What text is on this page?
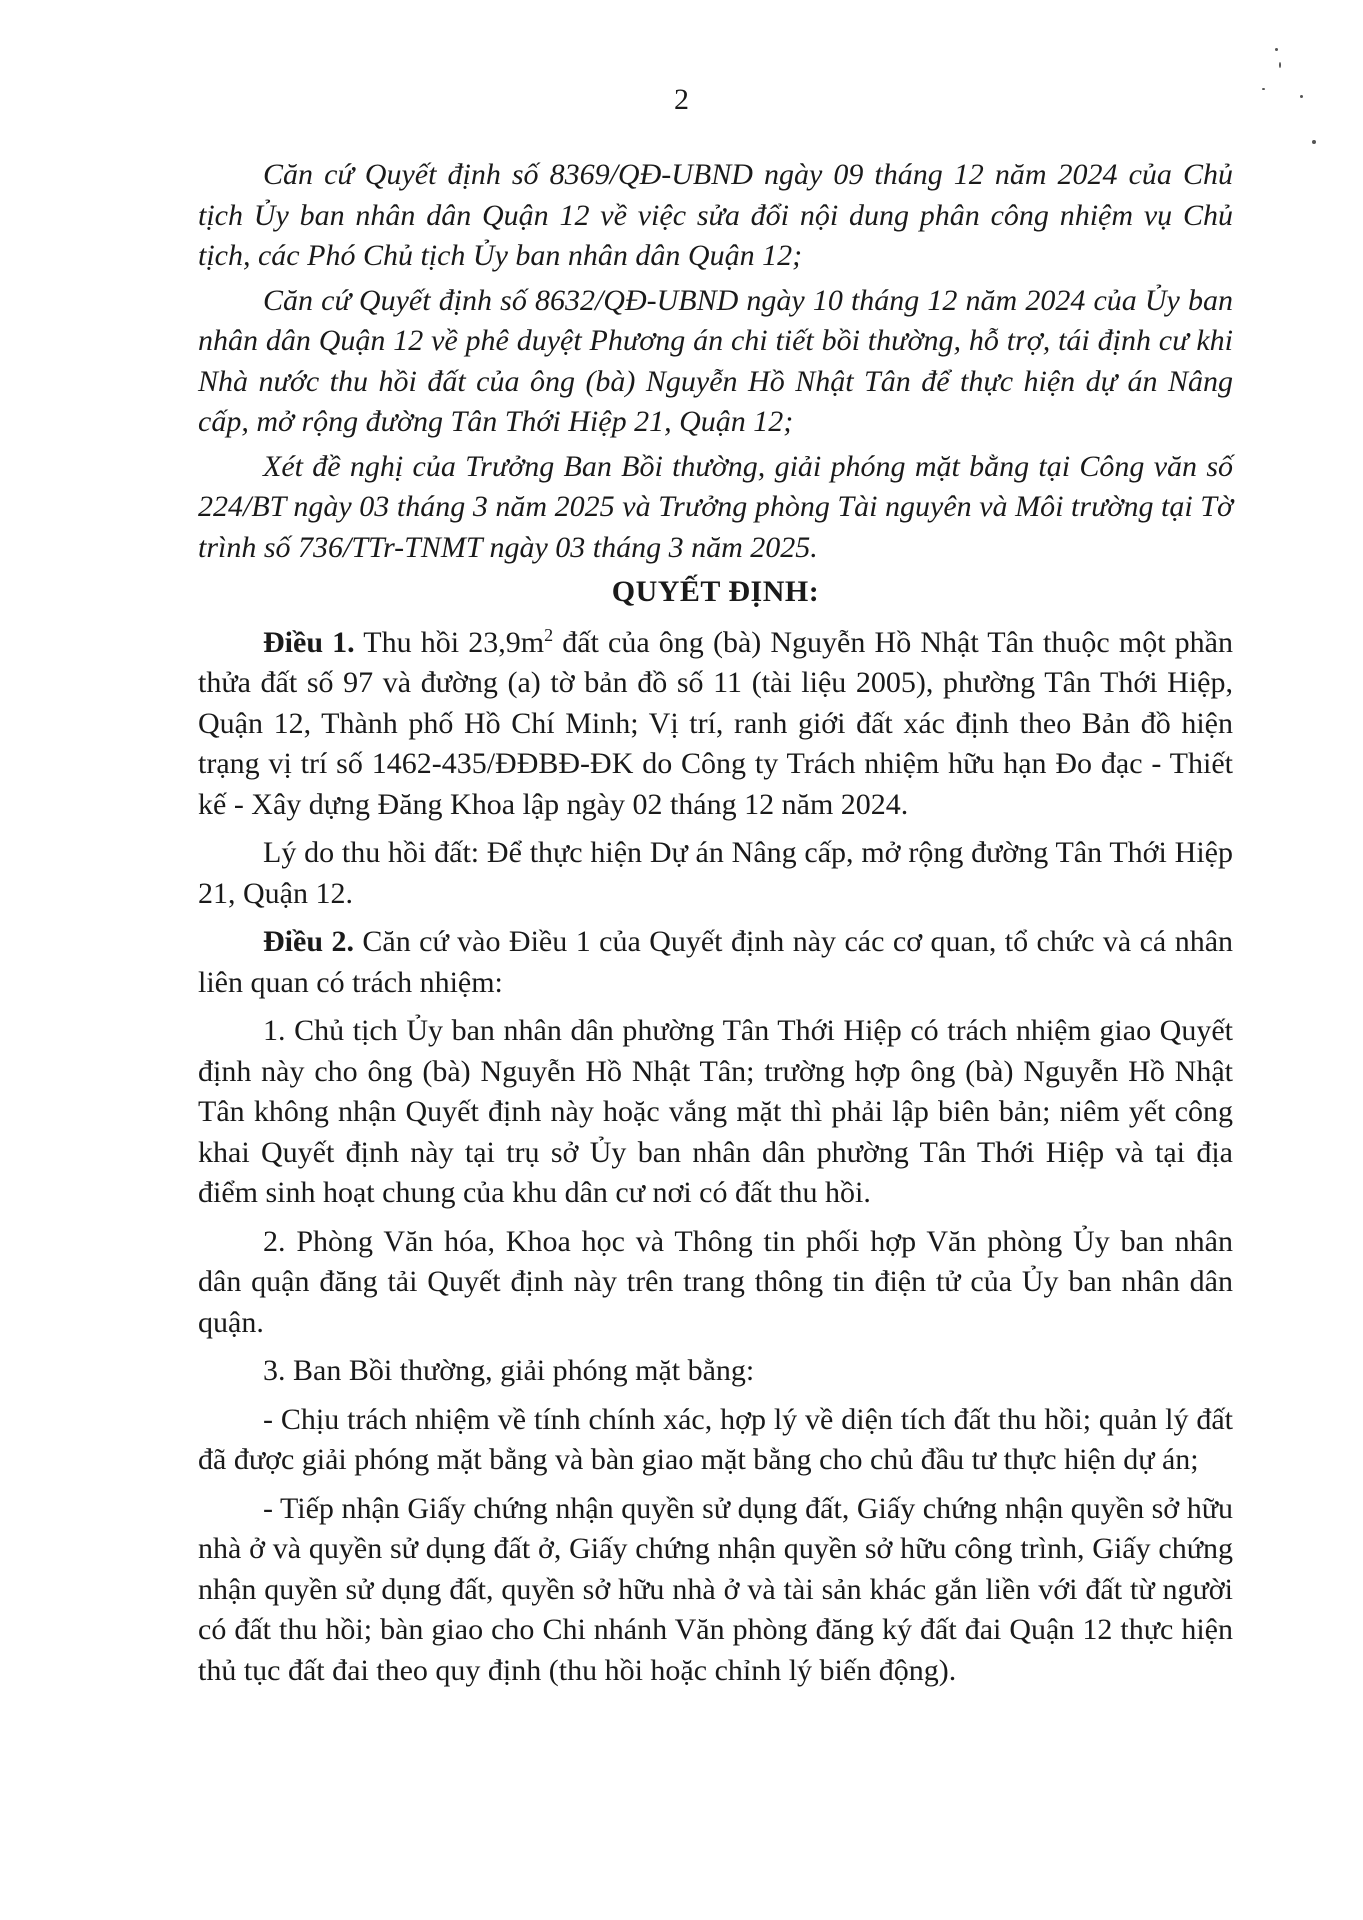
2

Căn cứ Quyết định số 8369/QĐ-UBND ngày 09 tháng 12 năm 2024 của Chủ tịch Ủy ban nhân dân Quận 12 về việc sửa đổi nội dung phân công nhiệm vụ Chủ tịch, các Phó Chủ tịch Ủy ban nhân dân Quận 12;

Căn cứ Quyết định số 8632/QĐ-UBND ngày 10 tháng 12 năm 2024 của Ủy ban nhân dân Quận 12 về phê duyệt Phương án chi tiết bồi thường, hỗ trợ, tái định cư khi Nhà nước thu hồi đất của ông (bà) Nguyễn Hồ Nhật Tân để thực hiện dự án Nâng cấp, mở rộng đường Tân Thới Hiệp 21, Quận 12;

Xét đề nghị của Trưởng Ban Bồi thường, giải phóng mặt bằng tại Công văn số 224/BT ngày 03 tháng 3 năm 2025 và Trưởng phòng Tài nguyên và Môi trường tại Tờ trình số 736/TTr-TNMT ngày 03 tháng 3 năm 2025.

QUYẾT ĐỊNH:

Điều 1. Thu hồi $23,9m^2$ đất của ông (bà) Nguyễn Hồ Nhật Tân thuộc một phần thửa đất số 97 và đường (a) tờ bản đồ số 11 (tài liệu 2005), phường Tân Thới Hiệp, Quận 12, Thành phố Hồ Chí Minh; Vị trí, ranh giới đất xác định theo Bản đồ hiện trạng vị trí số 1462-435/ĐĐBĐ-ĐK do Công ty Trách nhiệm hữu hạn Đo đạc - Thiết kế - Xây dựng Đăng Khoa lập ngày 02 tháng 12 năm 2024.

Lý do thu hồi đất: Để thực hiện Dự án Nâng cấp, mở rộng đường Tân Thới Hiệp 21, Quận 12.

Điều 2. Căn cứ vào Điều 1 của Quyết định này các cơ quan, tổ chức và cá nhân liên quan có trách nhiệm:

1. Chủ tịch Ủy ban nhân dân phường Tân Thới Hiệp có trách nhiệm giao Quyết định này cho ông (bà) Nguyễn Hồ Nhật Tân; trường hợp ông (bà) Nguyễn Hồ Nhật Tân không nhận Quyết định này hoặc vắng mặt thì phải lập biên bản; niêm yết công khai Quyết định này tại trụ sở Ủy ban nhân dân phường Tân Thới Hiệp và tại địa điểm sinh hoạt chung của khu dân cư nơi có đất thu hồi.

2. Phòng Văn hóa, Khoa học và Thông tin phối hợp Văn phòng Ủy ban nhân dân quận đăng tải Quyết định này trên trang thông tin điện tử của Ủy ban nhân dân quận.

3. Ban Bồi thường, giải phóng mặt bằng:

- Chịu trách nhiệm về tính chính xác, hợp lý về diện tích đất thu hồi; quản lý đất đã được giải phóng mặt bằng và bàn giao mặt bằng cho chủ đầu tư thực hiện dự án;

- Tiếp nhận Giấy chứng nhận quyền sử dụng đất, Giấy chứng nhận quyền sở hữu nhà ở và quyền sử dụng đất ở, Giấy chứng nhận quyền sở hữu công trình, Giấy chứng nhận quyền sử dụng đất, quyền sở hữu nhà ở và tài sản khác gắn liền với đất từ người có đất thu hồi; bàn giao cho Chi nhánh Văn phòng đăng ký đất đai Quận 12 thực hiện thủ tục đất đai theo quy định (thu hồi hoặc chỉnh lý biến động).
